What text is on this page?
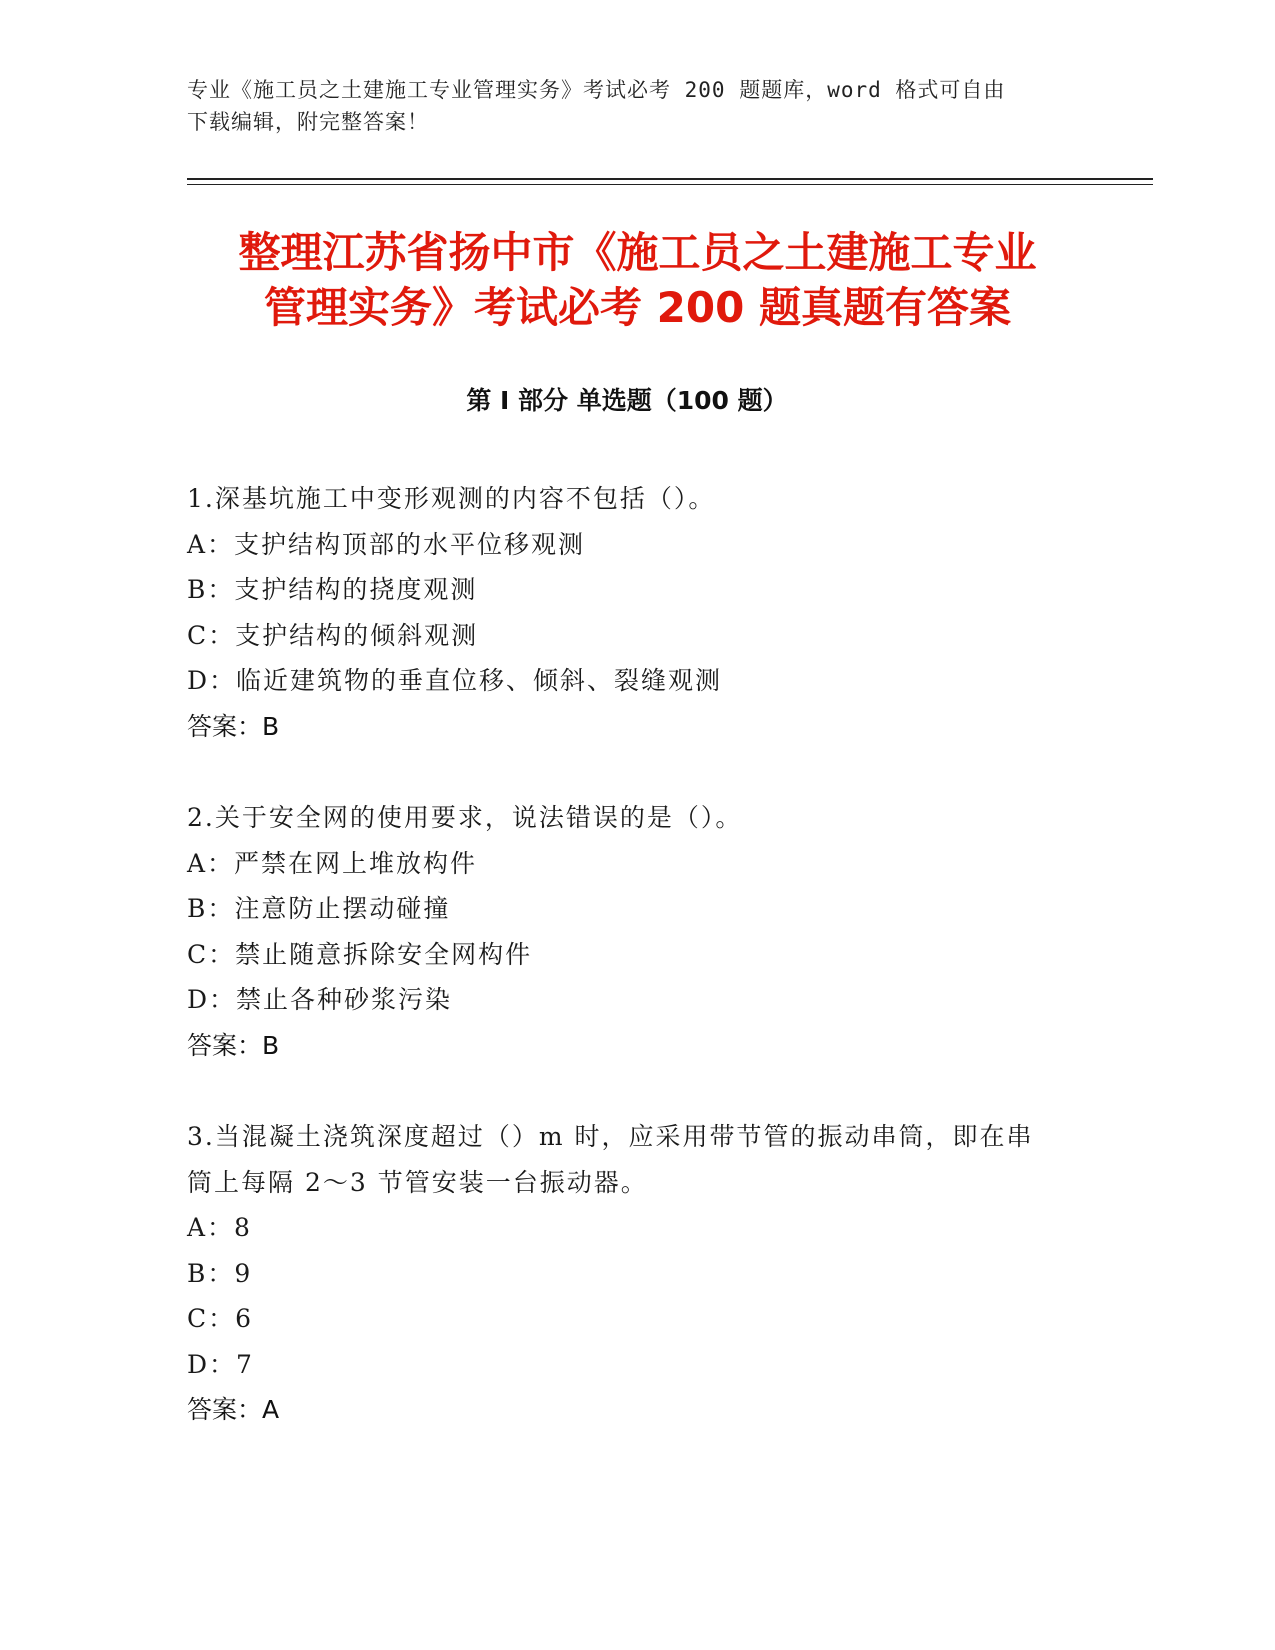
专业《施工员之土建施工专业管理实务》考试必考 200 题题库，word 格式可自由
下载编辑，附完整答案！
整理江苏省扬中市《施工员之土建施工专业
管理实务》考试必考 200 题真题有答案
第 I 部分 单选题（100 题）
1.深基坑施工中变形观测的内容不包括（）。
A：支护结构顶部的水平位移观测
B：支护结构的挠度观测
C：支护结构的倾斜观测
D：临近建筑物的垂直位移、倾斜、裂缝观测
答案：B
2.关于安全网的使用要求，说法错误的是（）。
A：严禁在网上堆放构件
B：注意防止摆动碰撞
C：禁止随意拆除安全网构件
D：禁止各种砂浆污染
答案：B
3.当混凝土浇筑深度超过（）m 时，应采用带节管的振动串筒，即在串
筒上每隔 2～3 节管安装一台振动器。
A：8
B：9
C：6
D：7
答案：A
